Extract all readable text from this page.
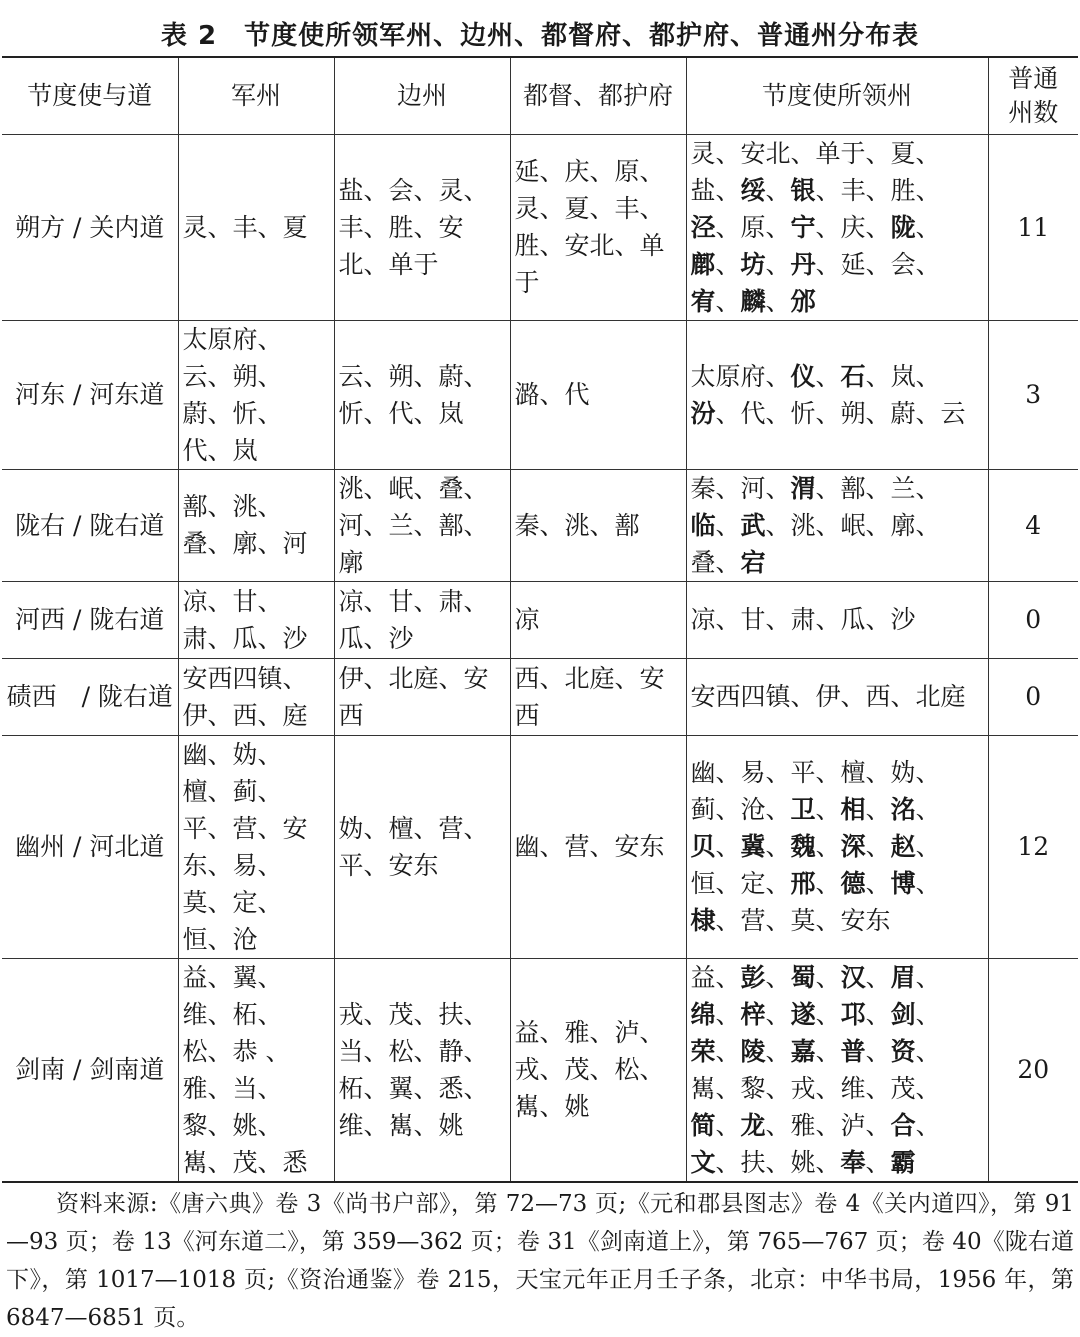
表 2　节度使所领军州、边州、都督府、都护府、普通州分布表
节度使与道	军州	边州	都督、都护府	节度使所领州	普通州数
朔方 / 关内道	灵、丰、夏	盐、会、灵、丰、胜、安北、单于	延、庆、原、灵、夏、丰、胜、安北、单于	灵、安北、单于、夏、盐、绥、银、丰、胜、泾、原、宁、庆、陇、鄜、坊、丹、延、会、宥、麟、邠	11
河东 / 河东道	太原府、云、朔、蔚、忻、代、岚	云、朔、蔚、忻、代、岚	潞、代	太原府、仪、石、岚、汾、代、忻、朔、蔚、云	3
陇右 / 陇右道	鄯、洮、叠、廓、河	洮、岷、叠、河、兰、鄯、廓	秦、洮、鄯	秦、河、渭、鄯、兰、临、武、洮、岷、廓、叠、宕	4
河西 / 陇右道	凉、甘、肃、瓜、沙	凉、甘、肃、瓜、沙	凉	凉、甘、肃、瓜、沙	0
碛西　/ 陇右道	安西四镇、伊、西、庭	伊、北庭、安西	西、北庭、安西	安西四镇、伊、西、北庭	0
幽州 / 河北道	幽、妫、檀、蓟、平、营、安东、易、莫、定、恒、沧	妫、檀、营、平、安东	幽、营、安东	幽、易、平、檀、妫、蓟、沧、卫、相、洺、贝、冀、魏、深、赵、恒、定、邢、德、博、棣、营、莫、安东	12
剑南 / 剑南道	益、翼、维、柘、松、恭 、雅、当、黎、姚、嶲、茂、悉	戎、茂、扶、当、松、静、柘、翼、悉、维、嶲、姚	益、雅、泸、戎、茂、松、嶲、姚	益、彭、蜀、汉、眉、绵、梓、遂、邛、剑、荣、陵、嘉、普、资、嶲、黎、戎、维、茂、简、龙、雅、泸、合、文、扶、姚、奉、霸	20
资料来源:《唐六典》卷 3《尚书户部》，第 72—73 页;《元和郡县图志》卷 4《关内道四》，第 91—93 页；卷 13《河东道二》，第 359—362 页；卷 31《剑南道上》，第 765—767 页；卷 40《陇右道下》，第 1017—1018 页;《资治通鉴》卷 215，天宝元年正月壬子条，北京：中华书局，1956 年，第 6847—6851 页。
